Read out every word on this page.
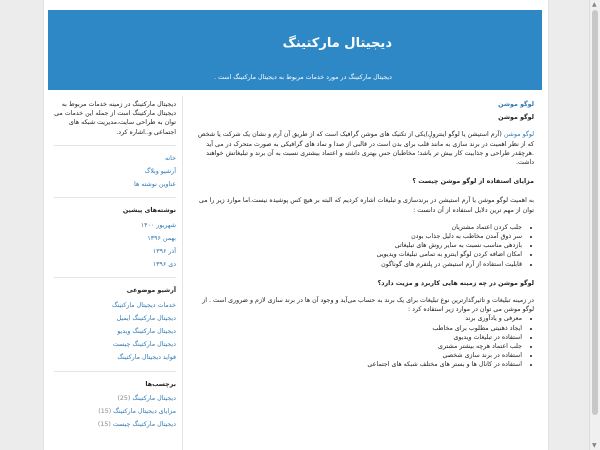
دیجیتال مارکتینگ
دیجیتال مارکتینگ در مورد خدمات مربوط به دیجیتال مارکتینگ است .
لوگو موشن

لوگو موشن

لوگو موشن (آرم استیشن یا لوگو اینترولِ)یکی از تکنیک های موشن گرافیک است که از طریق آن آرم و نشان یک شرکت یا شخص که از نظر اهمیت در برند سازی به مانند قلب برای بدن است در قالبی از صدا و نماد های گرافیکی به صورت متحرک در می آید .هرچقدر طراحی و جذابیت کار بیش تر باشد؛ مخاطبان حس بهتری داشته و اعتماد بیشتری نسبت به آن برند و تبلیغاتش خواهند داشت.

مزایای استفاده از لوگو موشن چیست ؟

به اهمیت لوگو موشن یا آرم استیشن در برندسازی و تبلیغات اشاره کردیم که البته بر هیچ کس پوشیده نیست.اما موارد زیر را می توان از مهم ترین دلایل استفاده از آن دانست :

• جلب کردن اعتماد مشتریان
• سر ذوق آمدن مخاطب به دلیل جذاب بودن
• بازدهی مناسب نسبت به سایر روش های تبلیغاتی
• امکان اضافه کردن لوگو اینترو به تمامی تبلیغات ویدیویی
• قابلیت استفاده از آرم استیشن در پلتفرم های گوناگون

لوگو موشن در چه زمینه هایی کاربرد و مزیت دارد؟

در زمینه تبلیغات و تاثیرگذارترین نوع تبلیغات برای یک برند به حساب می‌آید و وجود آن ها در برند سازی لازم و ضروری است . از لوگو موشن می توان در موارد زیر استفاده کرد :

• معرفی و یادآوری برند
• ایجاد ذهنیتی مطلوب برای مخاطب
• استفاده در تبلیغات ویدیوی
• جلب اعتماد هرچه بیشتر مشتری
• استفاده در برند سازی شخصی
• استفاده در کانال ها و بستر های مختلف شبکه های اجتماعی
دیجیتال مارکتینگ در زمینه خدمات مربوط به دیجیتال مارکتینگ است از جمله این خدمات می توان به طراحی سایت،مدیریت شبکه های اجتماعی و..اشاره کرد.
خانه
آرشیو وبلاگ
عناوین نوشته ها
نوشته‌های پیشین
شهریور ۱۴۰۰
بهمن ۱۳۹۶
آذر ۱۳۹۶
دی ۱۳۹۶
آرشیو موضوعی
خدمات دیجیتال مارکتینگ
دیجیتال مارکتینگ ایمیل
دیجیتال مارکتینگ ویدیو
دیجیتال مارکتینگ چیست
فواید دیجیتال مارکتینگ
برچسب‌ها
دیجیتال مارکتینگ (25)
مزایای دیجیتال مارکتینگ (15)
دیجیتال مارکتینگ چیست (15)
▲
▼
